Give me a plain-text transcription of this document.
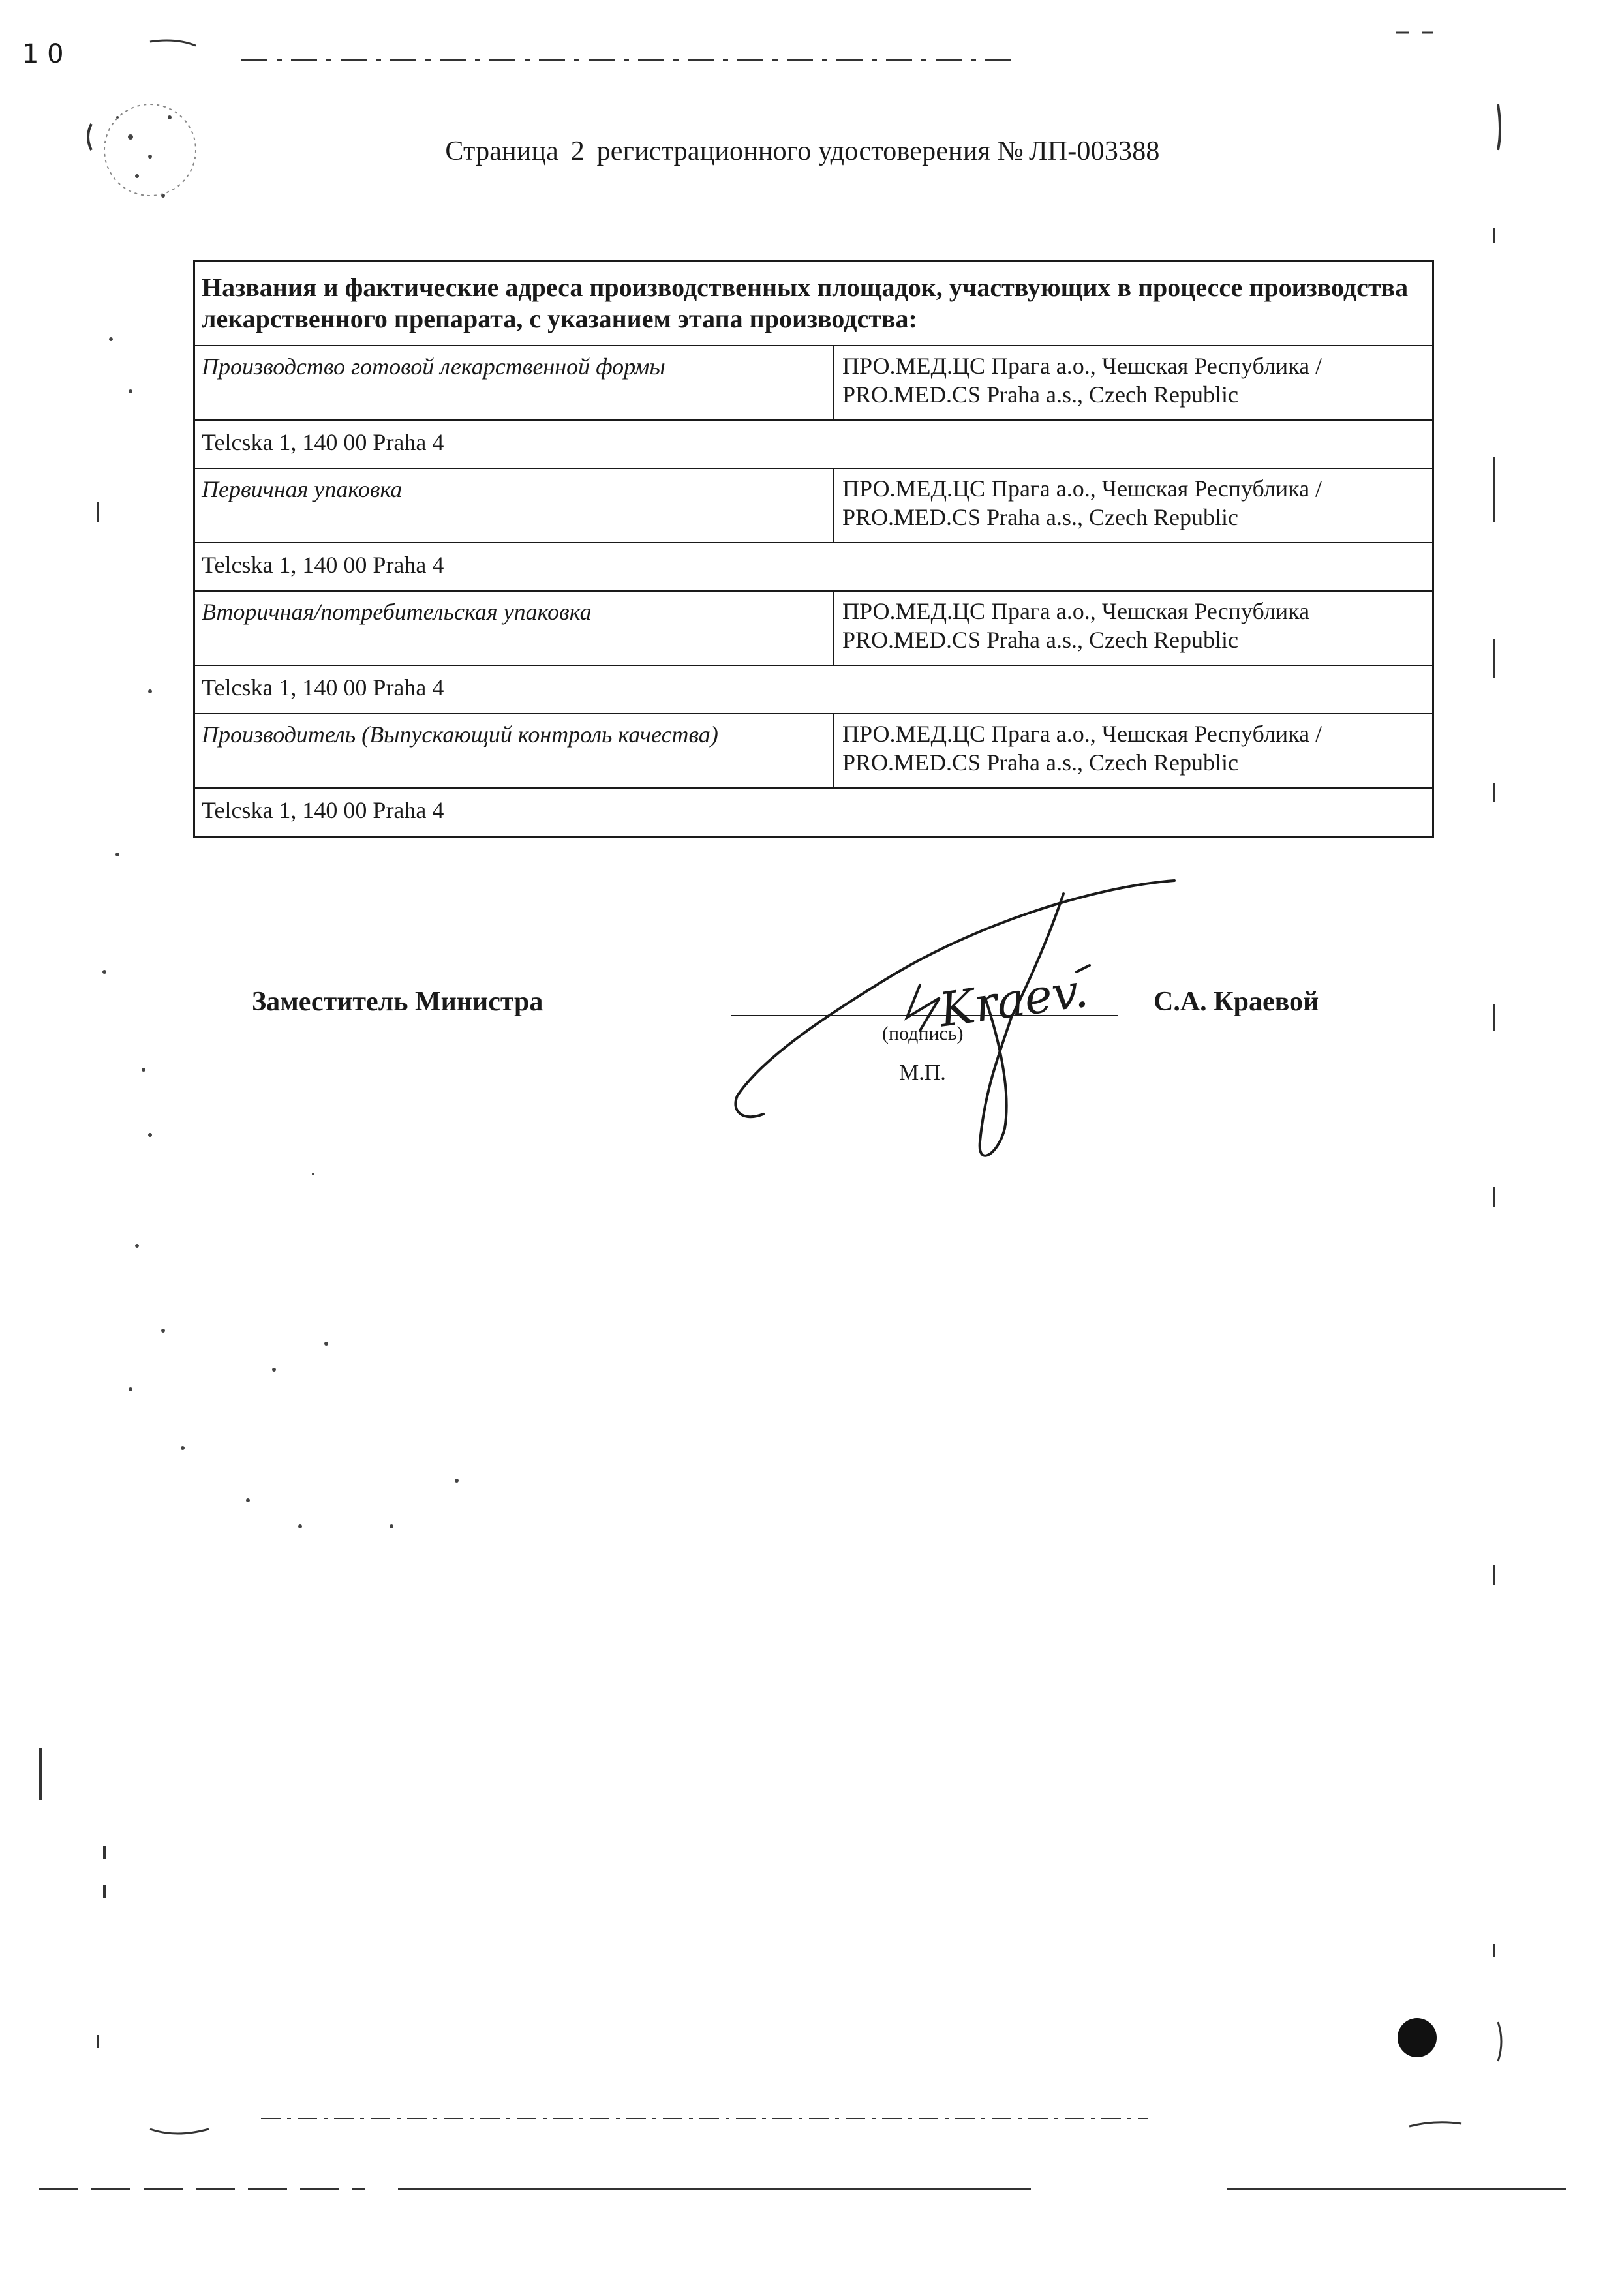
1 0
Страница 2 регистрационного удостоверения № ЛП-003388
Названия и фактические адреса производственных площадок, участвующих в процессе производства лекарственного препарата, с указанием этапа производства:
Производство готовой лекарственной формы	ПРО.МЕД.ЦС Прага а.о., Чешская Республика /
PRO.MED.CS Praha a.s., Czech Republic
Telcska 1, 140 00 Praha 4
Первичная упаковка	ПРО.МЕД.ЦС Прага а.о., Чешская Республика /
PRO.MED.CS Praha a.s., Czech Republic
Telcska 1, 140 00 Praha 4
Вторичная/потребительская упаковка	ПРО.МЕД.ЦС Прага а.о., Чешская Республика
PRO.MED.CS Praha a.s., Czech Republic
Telcska 1, 140 00 Praha 4
Производитель (Выпускающий контроль качества)	ПРО.МЕД.ЦС Прага а.о., Чешская Республика /
PRO.MED.CS Praha a.s., Czech Republic
Telcska 1, 140 00 Praha 4
Заместитель Министра
(подпись)
М.П.
С.А. Краевой
Kraev.
